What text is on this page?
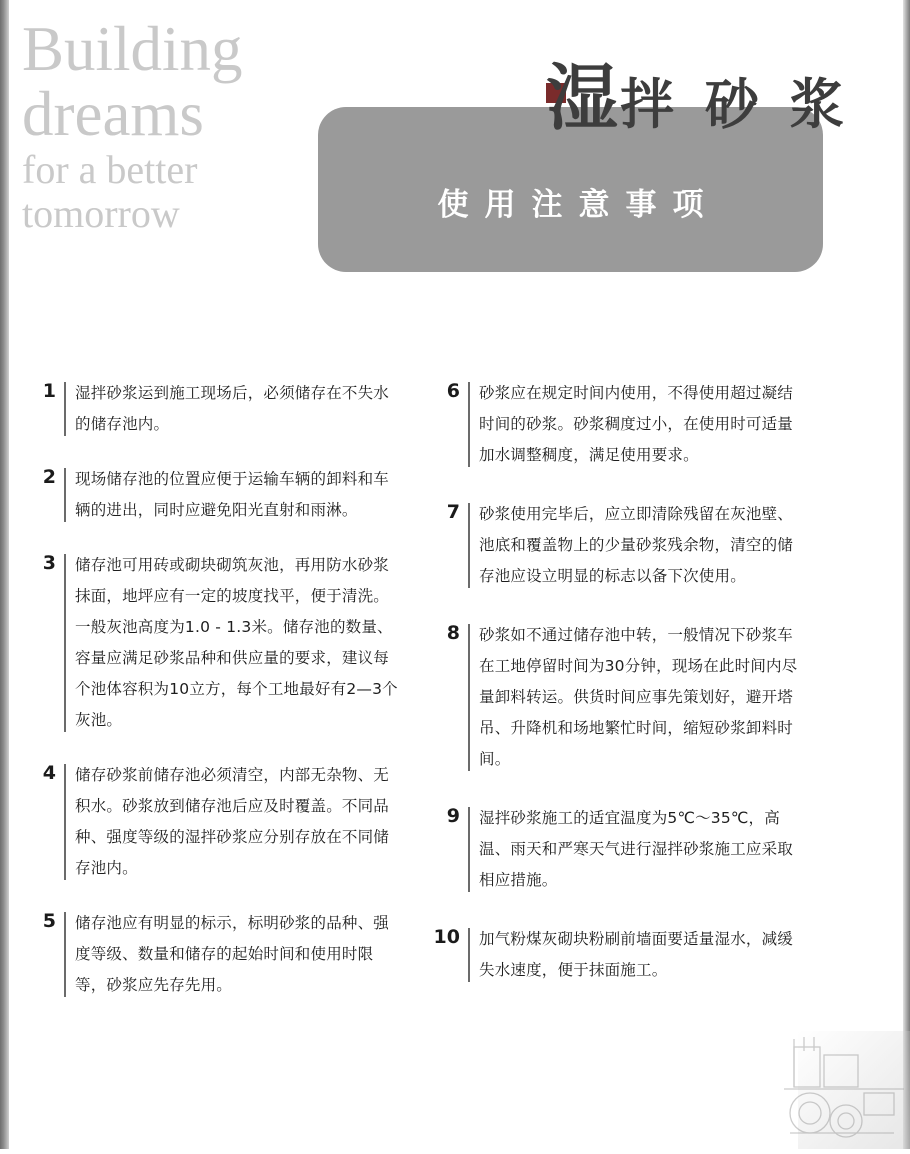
Building
dreams
for a better
tomorrow	使用注意事项
湿拌 砂 浆
1 湿拌砂浆运到施工现场后，必须储存在不失水的储存池内。
2 现场储存池的位置应便于运输车辆的卸料和车辆的进出，同时应避免阳光直射和雨淋。
3 储存池可用砖或砌块砌筑灰池，再用防水砂浆抹面，地坪应有一定的坡度找平，便于清洗。一般灰池高度为1.0 - 1.3米。储存池的数量、容量应满足砂浆品种和供应量的要求，建议每个池体容积为10立方，每个工地最好有2—3个灰池。
4 储存砂浆前储存池必须清空，内部无杂物、无积水。砂浆放到储存池后应及时覆盖。不同品种、强度等级的湿拌砂浆应分别存放在不同储存池内。
5 储存池应有明显的标示，标明砂浆的品种、强度等级、数量和储存的起始时间和使用时限等，砂浆应先存先用。
6 砂浆应在规定时间内使用，不得使用超过凝结时间的砂浆。砂浆稠度过小，在使用时可适量加水调整稠度，满足使用要求。
7 砂浆使用完毕后，应立即清除残留在灰池壁、池底和覆盖物上的少量砂浆残余物，清空的储存池应设立明显的标志以备下次使用。
8 砂浆如不通过储存池中转，一般情况下砂浆车在工地停留时间为30分钟，现场在此时间内尽量卸料转运。供货时间应事先策划好，避开塔吊、升降机和场地繁忙时间，缩短砂浆卸料时间。
9 湿拌砂浆施工的适宜温度为5℃～35℃，高温、雨天和严寒天气进行湿拌砂浆施工应采取相应措施。
10 加气粉煤灰砌块粉刷前墙面要适量湿水，减缓失水速度，便于抹面施工。
